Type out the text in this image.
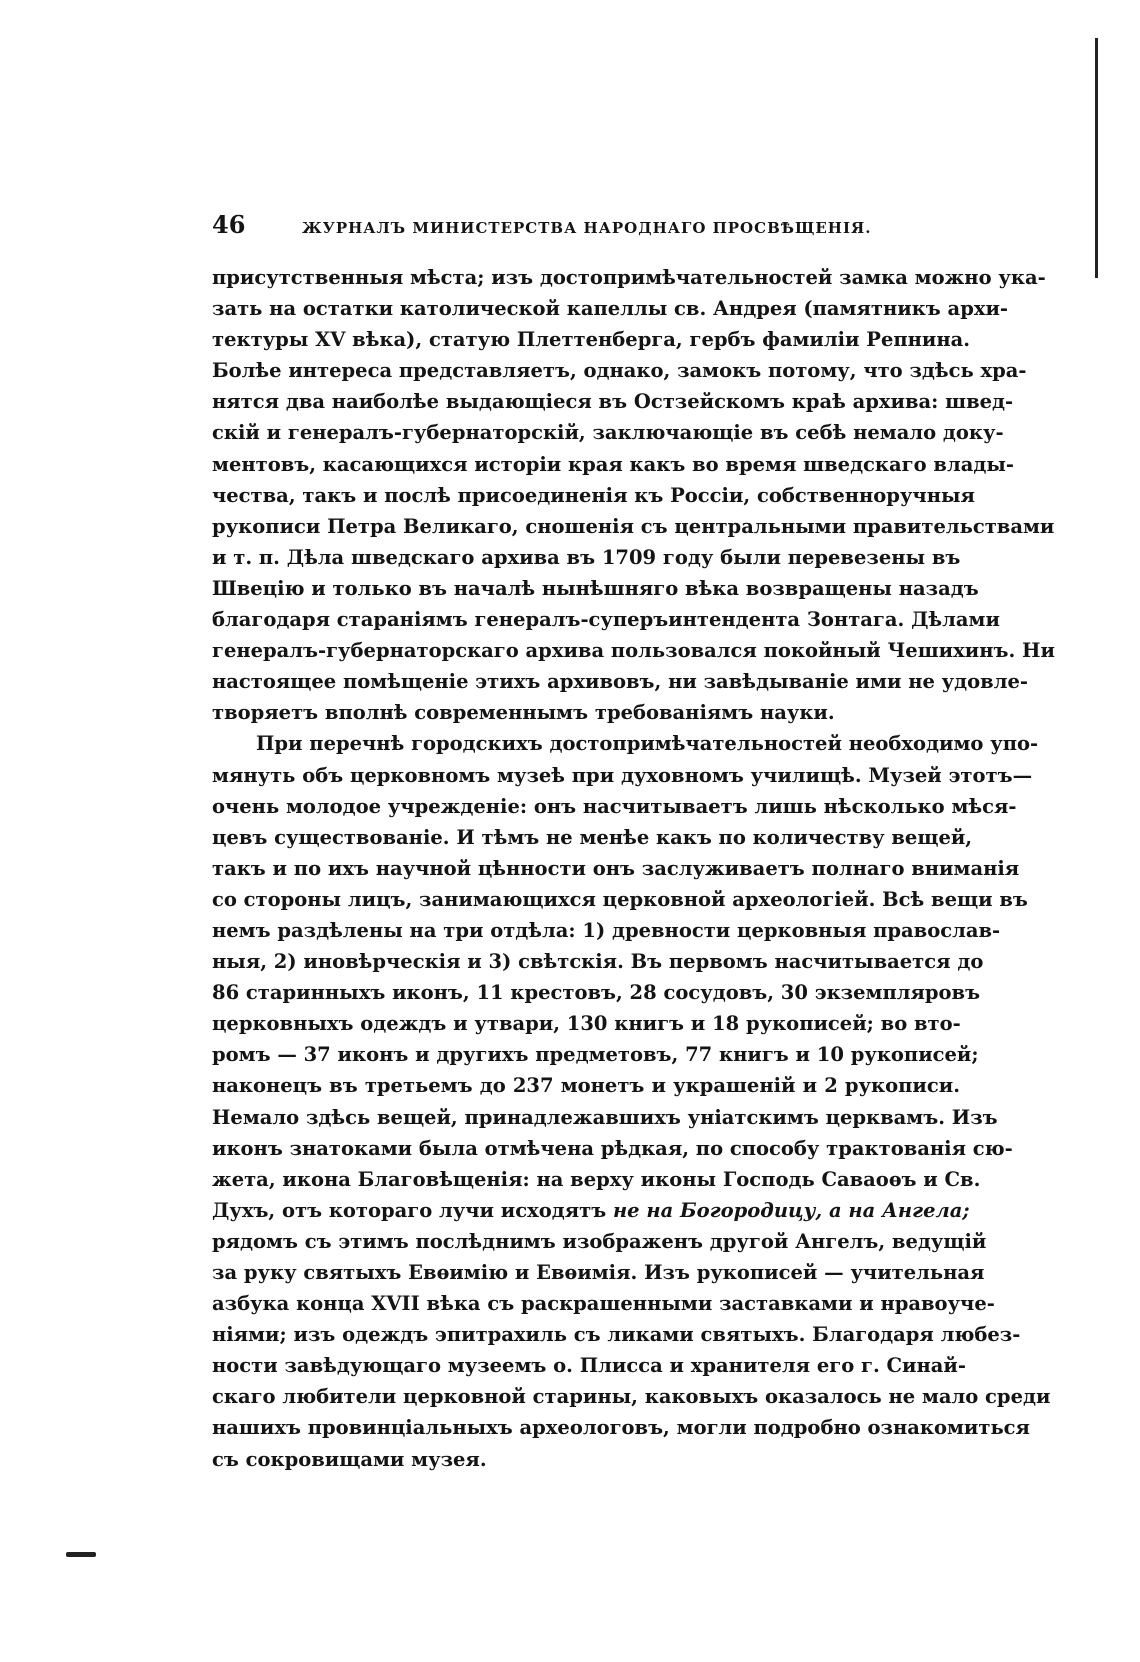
46	ЖУРНАЛЪ МИНИСТЕРСТВА НАРОДНАГО ПРОСВѢЩЕНІЯ.

присутственныя мѣста; изъ достопримѣчательностей замка можно ука-
зать на остатки католической капеллы св. Андрея (памятникъ архи-
тектуры XV вѣка), статую Плеттенберга, гербъ фамиліи Репнина.
Болѣе интереса представляетъ, однако, замокъ потому, что здѣсь хра-
нятся два наиболѣе выдающіеся въ Остзейскомъ краѣ архива: швед-
скій и генералъ-губернаторскій, заключающіе въ себѣ немало доку-
ментовъ, касающихся исторіи края какъ во время шведскаго влады-
чества, такъ и послѣ присоединенія къ Россіи, собственноручныя
рукописи Петра Великаго, сношенія съ центральными правительствами
и т. п. Дѣла шведскаго архива въ 1709 году были перевезены въ
Швецію и только въ началѣ нынѣшняго вѣка возвращены назадъ
благодаря стараніямъ генералъ-суперъинтендента Зонтага. Дѣлами
генералъ-губернаторскаго архива пользовался покойный Чешихинъ. Ни
настоящее помѣщеніе этихъ архивовъ, ни завѣдываніе ими не удовле-
творяетъ вполнѣ современнымъ требованіямъ науки.

При перечнѣ городскихъ достопримѣчательностей необходимо упо-
мянуть объ церковномъ музеѣ при духовномъ училищѣ. Музей этотъ—
очень молодое учрежденіе: онъ насчитываетъ лишь нѣсколько мѣся-
цевъ существованіе. И тѣмъ не менѣе какъ по количеству вещей,
такъ и по ихъ научной цѣнности онъ заслуживаетъ полнаго вниманія
со стороны лицъ, занимающихся церковной археологіей. Всѣ вещи въ
немъ раздѣлены на три отдѣла: 1) древности церковныя православ-
ныя, 2) иновѣрческія и 3) свѣтскія. Въ первомъ насчитывается до
86 старинныхъ иконъ, 11 крестовъ, 28 сосудовъ, 30 экземпляровъ
церковныхъ одеждъ и утвари, 130 книгъ и 18 рукописей; во вто-
ромъ — 37 иконъ и другихъ предметовъ, 77 книгъ и 10 рукописей;
наконецъ въ третьемъ до 237 монетъ и украшеній и 2 рукописи.
Немало здѣсь вещей, принадлежавшихъ уніатскимъ церквамъ. Изъ
иконъ знатоками была отмѣчена рѣдкая, по способу трактованія сю-
жета, икона Благовѣщенія: на верху иконы Господь Саваоѳъ и Св.
Духъ, отъ котораго лучи исходятъ не на Богородицу, а на Ангела;
рядомъ съ этимъ послѣднимъ изображенъ другой Ангелъ, ведущій
за руку святыхъ Евѳимію и Евѳимія. Изъ рукописей — учительная
азбука конца XVII вѣка съ раскрашенными заставками и нравоуче-
ніями; изъ одеждъ эпитрахиль съ ликами святыхъ. Благодаря любез-
ности завѣдующаго музеемъ о. Плисса и хранителя его г. Синай-
скаго любители церковной старины, каковыхъ оказалось не мало среди
нашихъ провинціальныхъ археологовъ, могли подробно ознакомиться
съ сокровищами музея.
